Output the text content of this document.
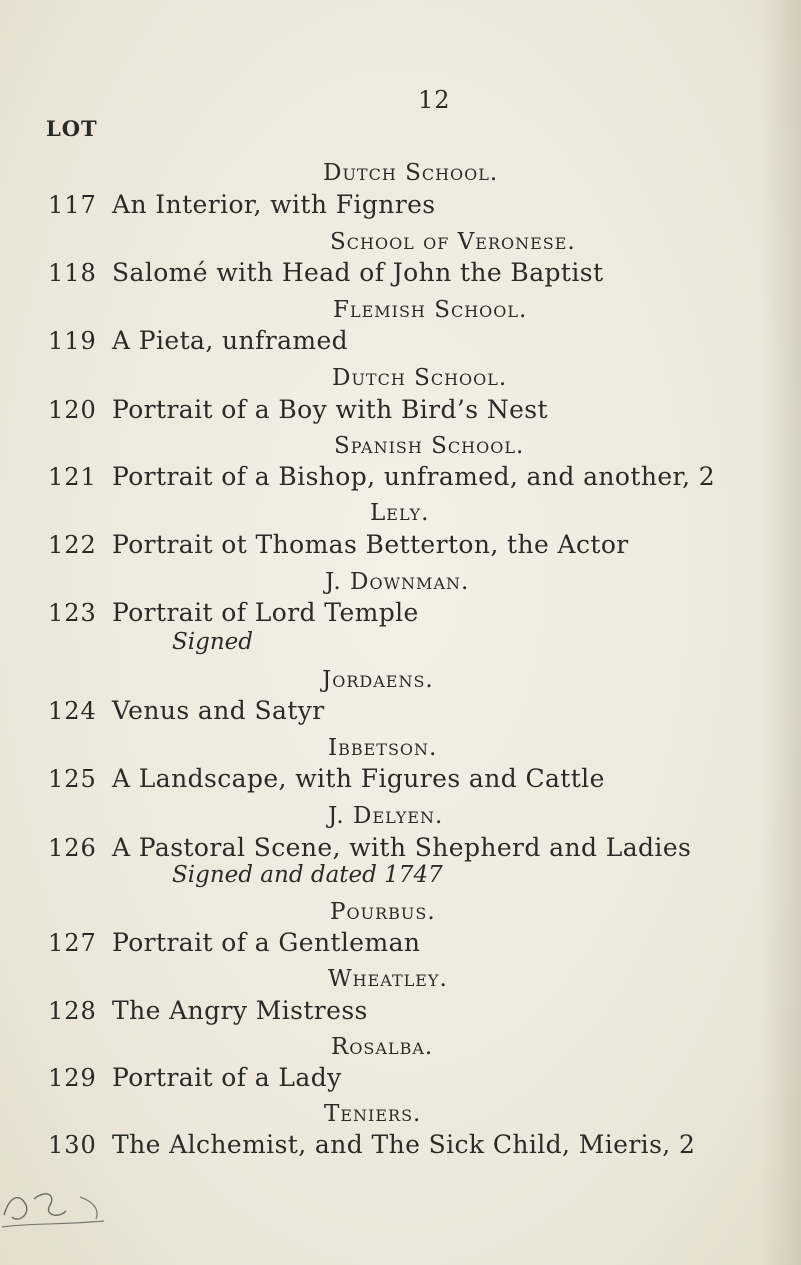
12
LOT
Dutch School.
117 An Interior, with Fignres
School of Veronese.
118 Salomé with Head of John the Baptist
Flemish School.
119 A Pieta, unframed
Dutch School.
120 Portrait of a Boy with Bird’s Nest
Spanish School.
121 Portrait of a Bishop, unframed, and another, 2
Lely.
122 Portrait ot Thomas Betterton, the Actor
J. Downman.
123 Portrait of Lord Temple
Signed
Jordaens.
124 Venus and Satyr
Ibbetson.
125 A Landscape, with Figures and Cattle
J. Delyen.
126 A Pastoral Scene, with Shepherd and Ladies
Signed and dated 1747
Pourbus.
127 Portrait of a Gentleman
Wheatley.
128 The Angry Mistress
Rosalba.
129 Portrait of a Lady
Teniers.
130 The Alchemist, and The Sick Child, Mieris, 2
